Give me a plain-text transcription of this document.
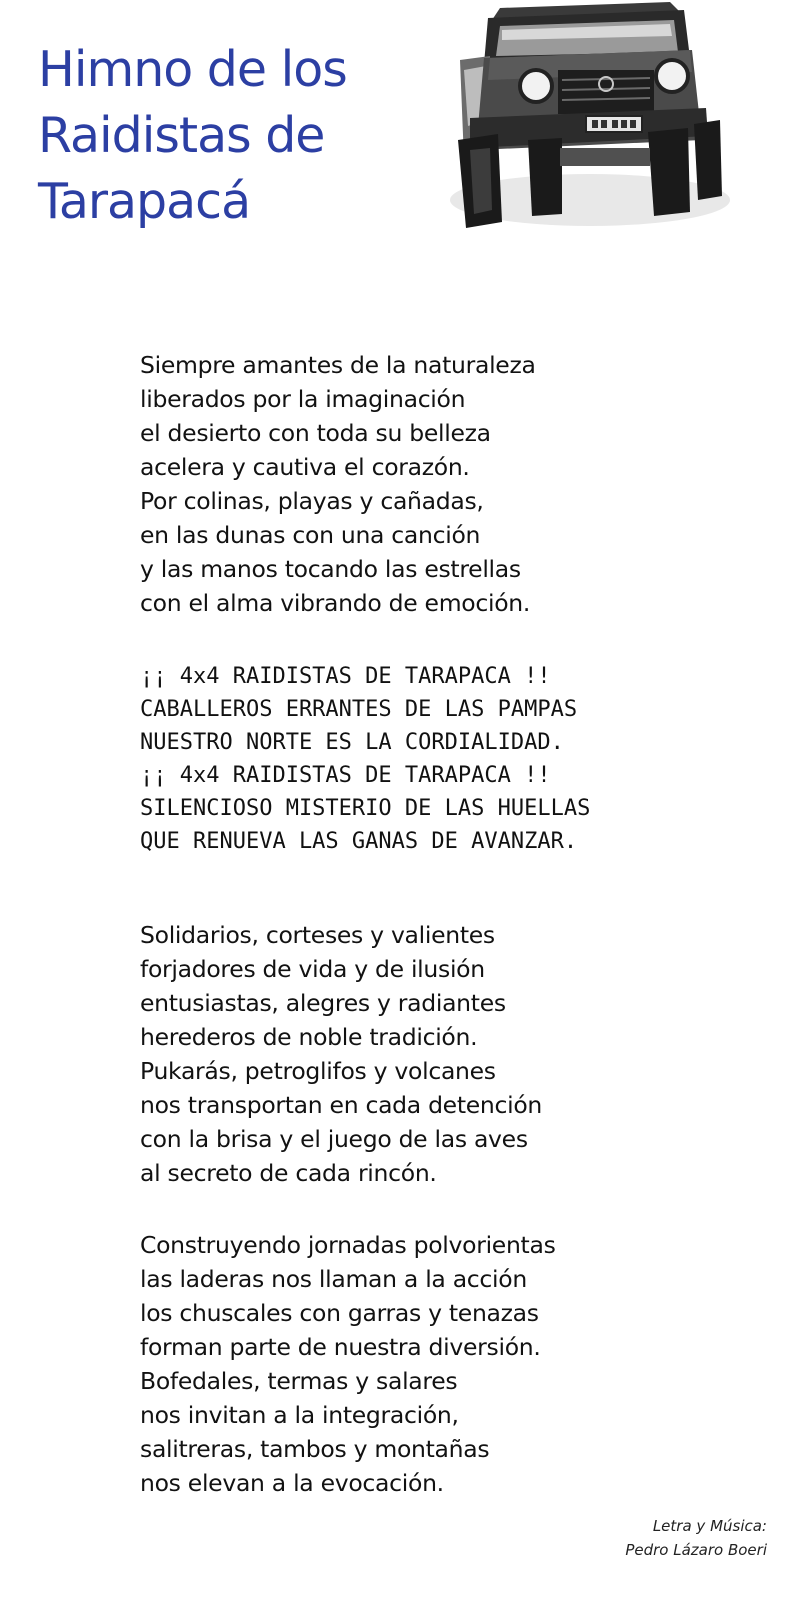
Himno de los
Raidistas de
Tarapacá
Siempre amantes de la naturaleza
liberados por la imaginación
el desierto con toda su belleza
acelera y cautiva el corazón.
Por colinas, playas y cañadas,
en las dunas con una canción
y las manos tocando las estrellas
con el alma vibrando de emoción.
¡¡ 4x4 RAIDISTAS DE TARAPACA !!
CABALLEROS ERRANTES DE LAS PAMPAS
NUESTRO NORTE ES LA CORDIALIDAD.
¡¡ 4x4 RAIDISTAS DE TARAPACA !!
SILENCIOSO MISTERIO DE LAS HUELLAS
QUE RENUEVA LAS GANAS DE AVANZAR.
Solidarios, corteses y valientes
forjadores de vida y de ilusión
entusiastas, alegres y radiantes
herederos de noble tradición.
Pukarás, petroglifos y volcanes
nos transportan en cada detención
con la brisa y el juego de las aves
al secreto de cada rincón.
Construyendo jornadas polvorientas
las laderas nos llaman a la acción
los chuscales con garras y tenazas
forman parte de nuestra diversión.
Bofedales, termas y salares
nos invitan a la integración,
salitreras, tambos y montañas
nos elevan a la evocación.
Letra y Música:
Pedro Lázaro Boeri
